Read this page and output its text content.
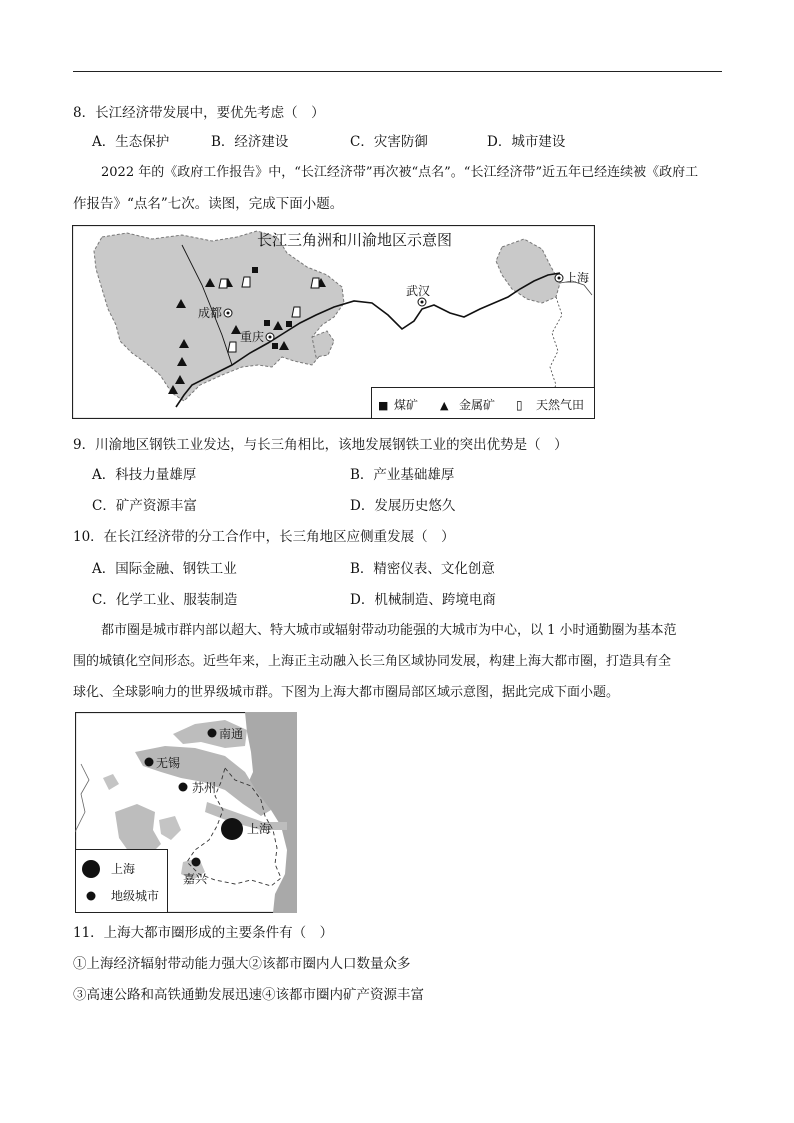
8．长江经济带发展中，要优先考虑（　）
A．生态保护	B．经济建设	C．灾害防御	D．城市建设
2022 年的《政府工作报告》中，“长江经济带”再次被“点名”。“长江经济带”近五年已经连续被《政府工
作报告》“点名”七次。读图，完成下面小题。
长江三角洲和川渝地区示意图
成都
重庆
武汉
上海
■ 煤矿 ▲ 金属矿 ▯ 天然气田
9．川渝地区钢铁工业发达，与长三角相比，该地发展钢铁工业的突出优势是（　）
A．科技力量雄厚	B．产业基础雄厚
C．矿产资源丰富	D．发展历史悠久
10．在长江经济带的分工合作中，长三角地区应侧重发展（　）
A．国际金融、钢铁工业	B．精密仪表、文化创意
C．化学工业、服装制造	D．机械制造、跨境电商
都市圈是城市群内部以超大、特大城市或辐射带动功能强的大城市为中心，以 1 小时通勤圈为基本范
围的城镇化空间形态。近些年来，上海正主动融入长三角区域协同发展，构建上海大都市圈，打造具有全
球化、全球影响力的世界级城市群。下图为上海大都市圈局部区域示意图，据此完成下面小题。
南通
无锡
苏州
上海
嘉兴
上海
地级城市
11．上海大都市圈形成的主要条件有（　）
①上海经济辐射带动能力强大②该都市圈内人口数量众多
③高速公路和高铁通勤发展迅速④该都市圈内矿产资源丰富
